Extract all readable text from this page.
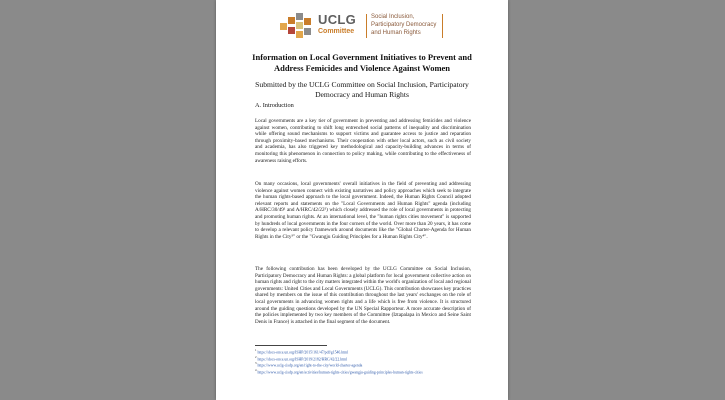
UCLG
Committee
Social Inclusion,
Participatory Democracy
and Human Rights
Information on Local Government Initiatives to Prevent and Address Femicides and Violence Against Women
Submitted by the UCLG Committee on Social Inclusion, Participatory Democracy and Human Rights
A. Introduction

Local governments are a key tier of government in preventing and addressing femicides and violence against women, contributing to shift long entrenched social patterns of inequality and discrimination while offering sound mechanisms to support victims and guarantee access to justice and reparation through proximity-based mechanisms. Their cooperation with other local actors, such as civil society and academia, has also triggered key methodological and capacity-building advances in terms of monitoring this phenomenon in connection to policy making, while contributing to the effectiveness of awareness raising efforts.

On many occasions, local governments' overall initiatives in the field of preventing and addressing violence against women connect with existing narratives and policy approaches which seek to integrate the human rights-based approach to the local government. Indeed, the Human Rights Council adopted relevant reports and statements on the "Local Governments and Human Rights" agenda (including A/HRC/30/49¹ and A/HRC/42/22²) which closely addressed the role of local governments in protecting and promoting human rights. At an international level, the "human rights cities movement" is supported by hundreds of local governments in the four corners of the world. Over more than 20 years, it has come to develop a relevant policy framework around documents like the "Global Charter-Agenda for Human Rights in the City³" or the "Gwangju Guiding Principles for a Human Rights City⁴".

The following contribution has been developed by the UCLG Committee on Social Inclusion, Participatory Democracy and Human Rights: a global platform for local government collective action on human rights and right to the city matters integrated within the world's organization of local and regional governments: United Cities and Local Governments (UCLG). This contribution showcases key practices shared by members on the issue of this contribution throughout the last years' exchanges on the role of local governments in advancing women rights and a life which is free from violence. It is structured around the guiding questions developed by the UN Special Rapporteur. A more accurate description of the policies implemented by two key members of the Committee (Iztapalapa in Mexico and Seine Saint Denis in France) is attached in the final segment of the document.

$^1$ https://docs-once.un.org/ISHP/2015/161/47/pdf/g1546.html
$^2$ https://docs-once.un.org/ISHP/2019/2182/HRC/42/22.html
$^3$ https://www.uclg-cisdp.org/en/right-to-the-city/world-charter-agenda
$^4$ https://www.uclg-cisdp.org/en/activities/human-rights-cities/gwangju-guiding-principles-human-rights-cities
